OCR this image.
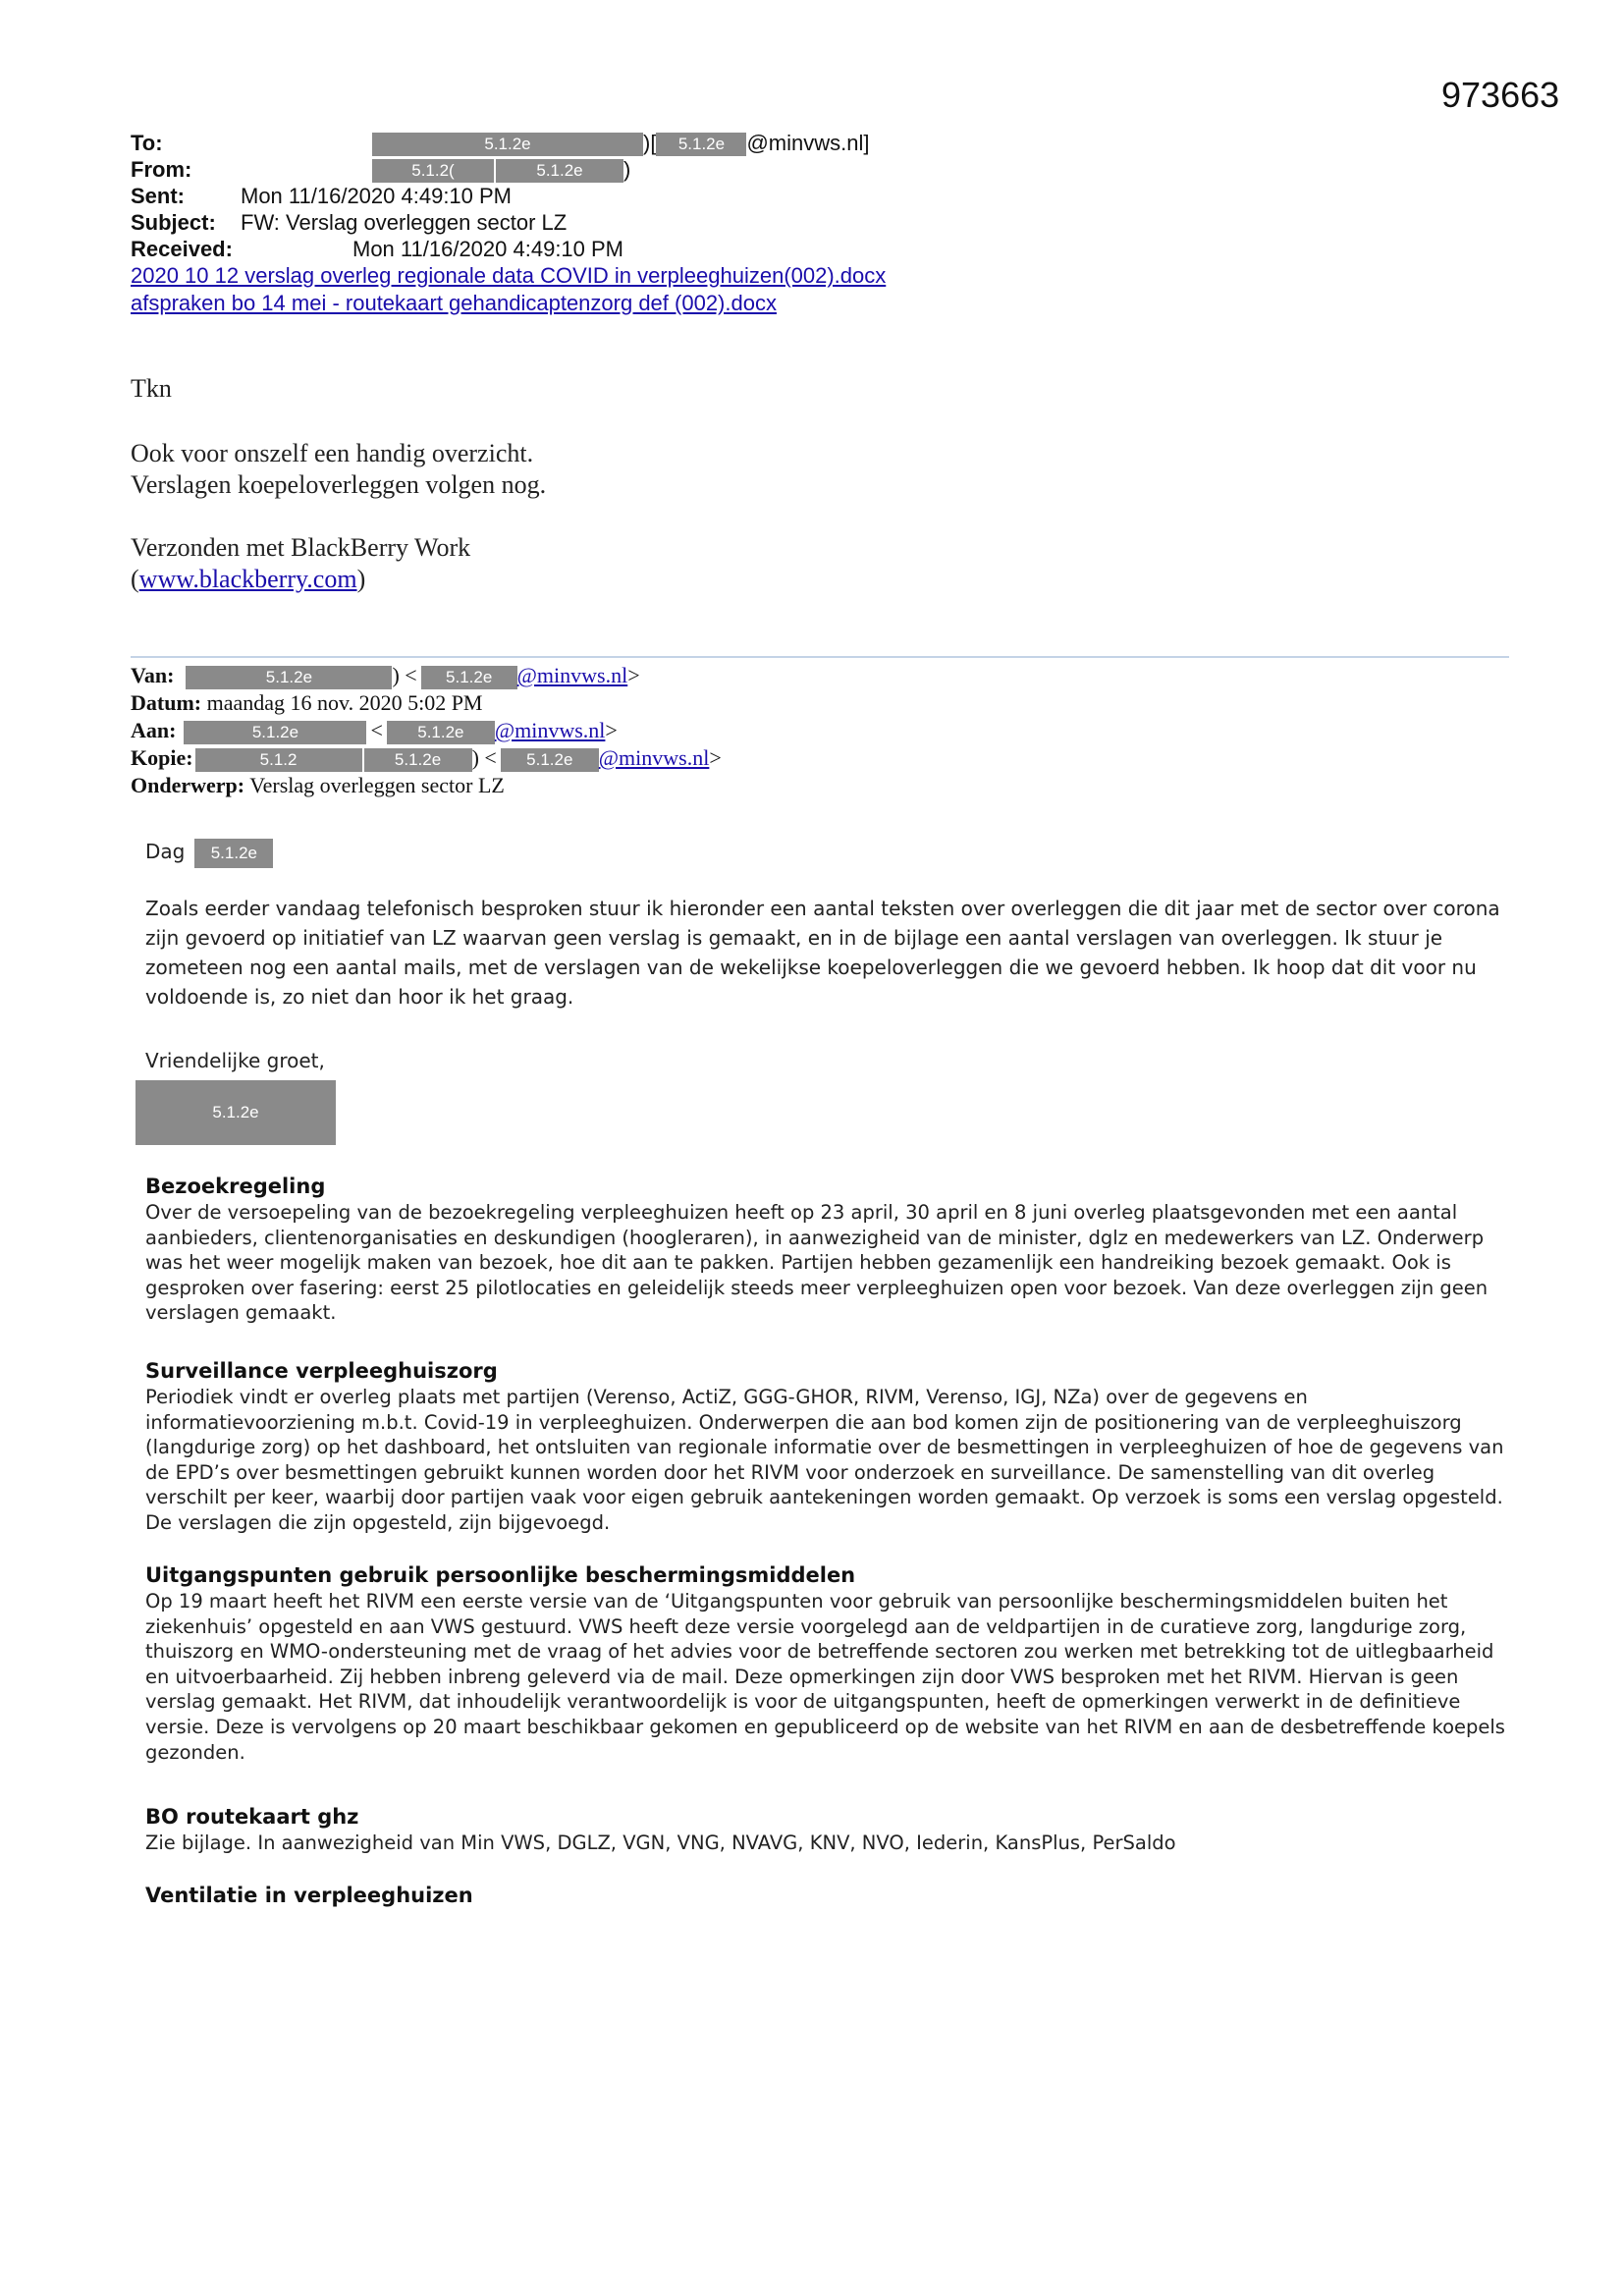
973663
To:	5.1.2e	)[ 5.1.2e @minvws.nl]
From:	5.1.2(	5.1.2e )
Sent:	Mon 11/16/2020 4:49:10 PM
Subject: FW: Verslag overleggen sector LZ
Received:	Mon 11/16/2020 4:49:10 PM
2020 10 12 verslag overleg regionale data COVID in verpleeghuizen(002).docx
afspraken bo 14 mei - routekaart gehandicaptenzorg def (002).docx
Tkn
Ook voor onszelf een handig overzicht.
Verslagen koepeloverleggen volgen nog.
Verzonden met BlackBerry Work
(www.blackberry.com)
Van:	5.1.2e	) < 5.1.2e @minvws.nl>
Datum: maandag 16 nov. 2020 5:02 PM
Aan:	5.1.2e	< 5.1.2e @minvws.nl>
Kopie:	5.1.2	5.1.2e ) < 5.1.2e @minvws.nl>
Onderwerp: Verslag overleggen sector LZ
Dag 5.1.2e
Zoals eerder vandaag telefonisch besproken stuur ik hieronder een aantal teksten over overleggen die dit jaar met de sector over corona zijn gevoerd op initiatief van LZ waarvan geen verslag is gemaakt, en in de bijlage een aantal verslagen van overleggen. Ik stuur je zometeen nog een aantal mails, met de verslagen van de wekelijkse koepeloverleggen die we gevoerd hebben. Ik hoop dat dit voor nu voldoende is, zo niet dan hoor ik het graag.
Vriendelijke groet,
5.1.2e
Bezoekregeling
Over de versoepeling van de bezoekregeling verpleeghuizen heeft op 23 april, 30 april en 8 juni overleg plaatsgevonden met een aantal aanbieders, clientenorganisaties en deskundigen (hoogleraren), in aanwezigheid van de minister, dglz en medewerkers van LZ. Onderwerp was het weer mogelijk maken van bezoek, hoe dit aan te pakken. Partijen hebben gezamenlijk een handreiking bezoek gemaakt. Ook is gesproken over fasering: eerst 25 pilotlocaties en geleidelijk steeds meer verpleeghuizen open voor bezoek. Van deze overleggen zijn geen verslagen gemaakt.
Surveillance verpleeghuiszorg
Periodiek vindt er overleg plaats met partijen (Verenso, ActiZ, GGG-GHOR, RIVM, Verenso, IGJ, NZa) over de gegevens en informatievoorziening m.b.t. Covid-19 in verpleeghuizen. Onderwerpen die aan bod komen zijn de positionering van de verpleeghuiszorg (langdurige zorg) op het dashboard, het ontsluiten van regionale informatie over de besmettingen in verpleeghuizen of hoe de gegevens van de EPD’s over besmettingen gebruikt kunnen worden door het RIVM voor onderzoek en surveillance. De samenstelling van dit overleg verschilt per keer, waarbij door partijen vaak voor eigen gebruik aantekeningen worden gemaakt. Op verzoek is soms een verslag opgesteld. De verslagen die zijn opgesteld, zijn bijgevoegd.
Uitgangspunten gebruik persoonlijke beschermingsmiddelen
Op 19 maart heeft het RIVM een eerste versie van de ‘Uitgangspunten voor gebruik van persoonlijke beschermingsmiddelen buiten het ziekenhuis’ opgesteld en aan VWS gestuurd. VWS heeft deze versie voorgelegd aan de veldpartijen in de curatieve zorg, langdurige zorg, thuiszorg en WMO-ondersteuning met de vraag of het advies voor de betreffende sectoren zou werken met betrekking tot de uitlegbaarheid en uitvoerbaarheid. Zij hebben inbreng geleverd via de mail. Deze opmerkingen zijn door VWS besproken met het RIVM. Hiervan is geen verslag gemaakt. Het RIVM, dat inhoudelijk verantwoordelijk is voor de uitgangspunten, heeft de opmerkingen verwerkt in de definitieve versie. Deze is vervolgens op 20 maart beschikbaar gekomen en gepubliceerd op de website van het RIVM en aan de desbetreffende koepels gezonden.
BO routekaart ghz
Zie bijlage. In aanwezigheid van Min VWS, DGLZ, VGN, VNG, NVAVG, KNV, NVO, Iederin, KansPlus, PerSaldo
Ventilatie in verpleeghuizen
